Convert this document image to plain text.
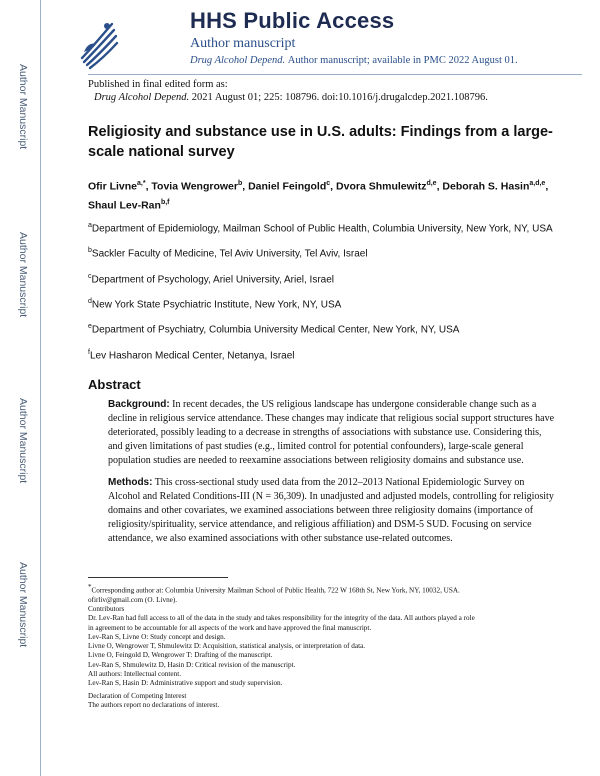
Author Manuscript
Author Manuscript
Author Manuscript
Author Manuscript
HHS Public Access
Author manuscript
Drug Alcohol Depend. Author manuscript; available in PMC 2022 August 01.
Published in final edited form as:
Drug Alcohol Depend. 2021 August 01; 225: 108796. doi:10.1016/j.drugalcdep.2021.108796.
Religiosity and substance use in U.S. adults: Findings from a large-scale national survey
Ofir Livne$^{a,*}$, Tovia Wengrower$^b$, Daniel Feingold$^c$, Dvora Shmulewitz$^{d,e}$, Deborah S. Hasin$^{a,d,e}$, Shaul Lev-Ran$^{b,f}$

$^a$Department of Epidemiology, Mailman School of Public Health, Columbia University, New York, NY, USA

$^b$Sackler Faculty of Medicine, Tel Aviv University, Tel Aviv, Israel

$^c$Department of Psychology, Ariel University, Ariel, Israel

$^d$New York State Psychiatric Institute, New York, NY, USA

$^e$Department of Psychiatry, Columbia University Medical Center, New York, NY, USA

$^f$Lev Hasharon Medical Center, Netanya, Israel

Abstract

Background: In recent decades, the US religious landscape has undergone considerable change such as a decline in religious service attendance. These changes may indicate that religious social support structures have deteriorated, possibly leading to a decrease in strengths of associations with substance use. Considering this, and given limitations of past studies (e.g., limited control for potential confounders), large-scale general population studies are needed to reexamine associations between religiosity domains and substance use.

Methods: This cross-sectional study used data from the 2012–2013 National Epidemiologic Survey on Alcohol and Related Conditions-III (N = 36,309). In unadjusted and adjusted models, controlling for religiosity domains and other covariates, we examined associations between three religiosity domains (importance of religiosity/spirituality, service attendance, and religious affiliation) and DSM-5 SUD. Focusing on service attendance, we also examined associations with other substance use-related outcomes.

*Corresponding author at: Columbia University Mailman School of Public Health, 722 W 168th St, New York, NY, 10032, USA.
ofirliv@gmail.com (O. Livne).
Contributors
Dr. Lev-Ran had full access to all of the data in the study and takes responsibility for the integrity of the data. All authors played a role
in agreement to be accountable for all aspects of the work and have approved the final manuscript.
Lev-Ran S, Livne O: Study concept and design.
Livne O, Wengrower T, Shmulewitz D: Acquisition, statistical analysis, or interpretation of data.
Livne O, Feingold D, Wengrower T: Drafting of the manuscript.
Lev-Ran S, Shmulewitz D, Hasin D: Critical revision of the manuscript.
All authors: Intellectual content.
Lev-Ran S, Hasin D: Administrative support and study supervision.
Declaration of Competing Interest
The authors report no declarations of interest.
